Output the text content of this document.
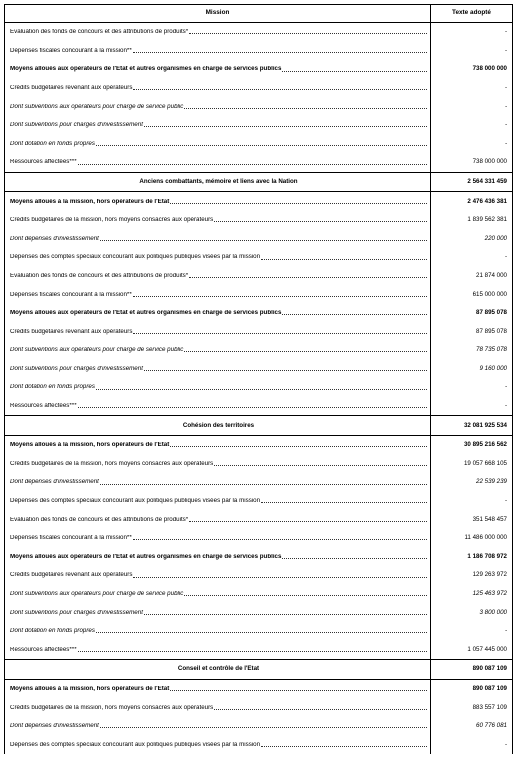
Mission	Texte adopté

Evaluation des fonds de concours et des attributions de produits*	-

Dépenses fiscales concourant à la mission**	-

Moyens alloués aux opérateurs de l'Etat et autres organismes en charge de services publics	738 000 000

Crédits budgétaires revenant aux opérateurs	-

Dont subventions aux opérateurs pour charge de service public	-

Dont subventions pour charges d'investissement	-

Dont dotation en fonds propres	-

Ressources affectées***	738 000 000
Anciens combattants, mémoire et liens avec la Nation	2 564 331 459

Moyens alloués à la mission, hors opérateurs de l'Etat	2 476 436 381

Crédits budgétaires de la mission, hors moyens consacrés aux opérateurs	1 839 562 381

Dont dépenses d'investissement	220 000

Dépenses des comptes spéciaux concourant aux politiques publiques visées par la mission	-

Evaluation des fonds de concours et des attributions de produits*	21 874 000

Dépenses fiscales concourant à la mission**	615 000 000

Moyens alloués aux opérateurs de l'Etat et autres organismes en charge de services publics	87 895 078

Crédits budgétaires revenant aux opérateurs	87 895 078

Dont subventions aux opérateurs pour charge de service public	78 735 078

Dont subventions pour charges d'investissement	9 160 000

Dont dotation en fonds propres	-

Ressources affectées***	-
Cohésion des territoires	32 081 925 534

Moyens alloués à la mission, hors opérateurs de l'Etat	30 895 216 562

Crédits budgétaires de la mission, hors moyens consacrés aux opérateurs	19 057 668 105

Dont dépenses d'investissement	22 539 239

Dépenses des comptes spéciaux concourant aux politiques publiques visées par la mission	-

Evaluation des fonds de concours et des attributions de produits*	351 548 457

Dépenses fiscales concourant à la mission**	11 486 000 000

Moyens alloués aux opérateurs de l'Etat et autres organismes en charge de services publics	1 186 708 972

Crédits budgétaires revenant aux opérateurs	129 263 972

Dont subventions aux opérateurs pour charge de service public	125 463 972

Dont subventions pour charges d'investissement	3 800 000

Dont dotation en fonds propres	-

Ressources affectées***	1 057 445 000
Conseil et contrôle de l'Etat	890 087 109

Moyens alloués à la mission, hors opérateurs de l'Etat	890 087 109

Crédits budgétaires de la mission, hors moyens consacrés aux opérateurs	883 557 109

Dont dépenses d'investissement	60 776 081

Dépenses des comptes spéciaux concourant aux politiques publiques visées par la mission	-
